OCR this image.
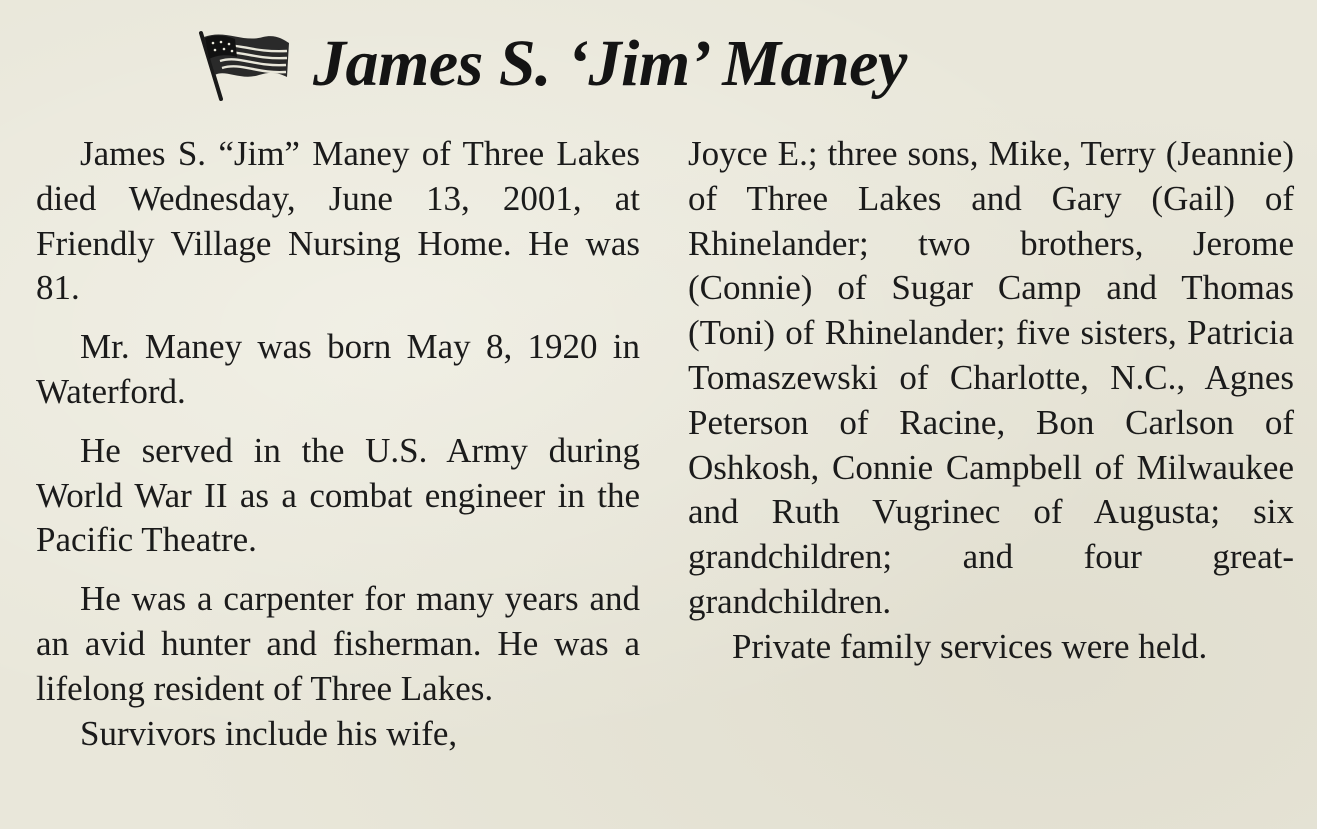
James S. ‘Jim’ Maney

James S. “Jim” Maney of Three Lakes died Wednesday, June 13, 2001, at Friendly Village Nursing Home. He was 81.

Mr. Maney was born May 8, 1920 in Waterford.

He served in the U.S. Army during World War II as a combat engineer in the Pacific Theatre.

He was a carpenter for many years and an avid hunter and fisherman. He was a lifelong resident of Three Lakes.

Survivors include his wife,

Joyce E.; three sons, Mike, Terry (Jeannie) of Three Lakes and Gary (Gail) of Rhinelander; two brothers, Jerome (Connie) of Sugar Camp and Thomas (Toni) of Rhinelander; five sisters, Patricia Tomaszewski of Charlotte, N.C., Agnes Peterson of Racine, Bon Carlson of Oshkosh, Connie Campbell of Milwaukee and Ruth Vugrinec of Augusta; six grandchildren; and four great-grandchildren.

Private family services were held.
